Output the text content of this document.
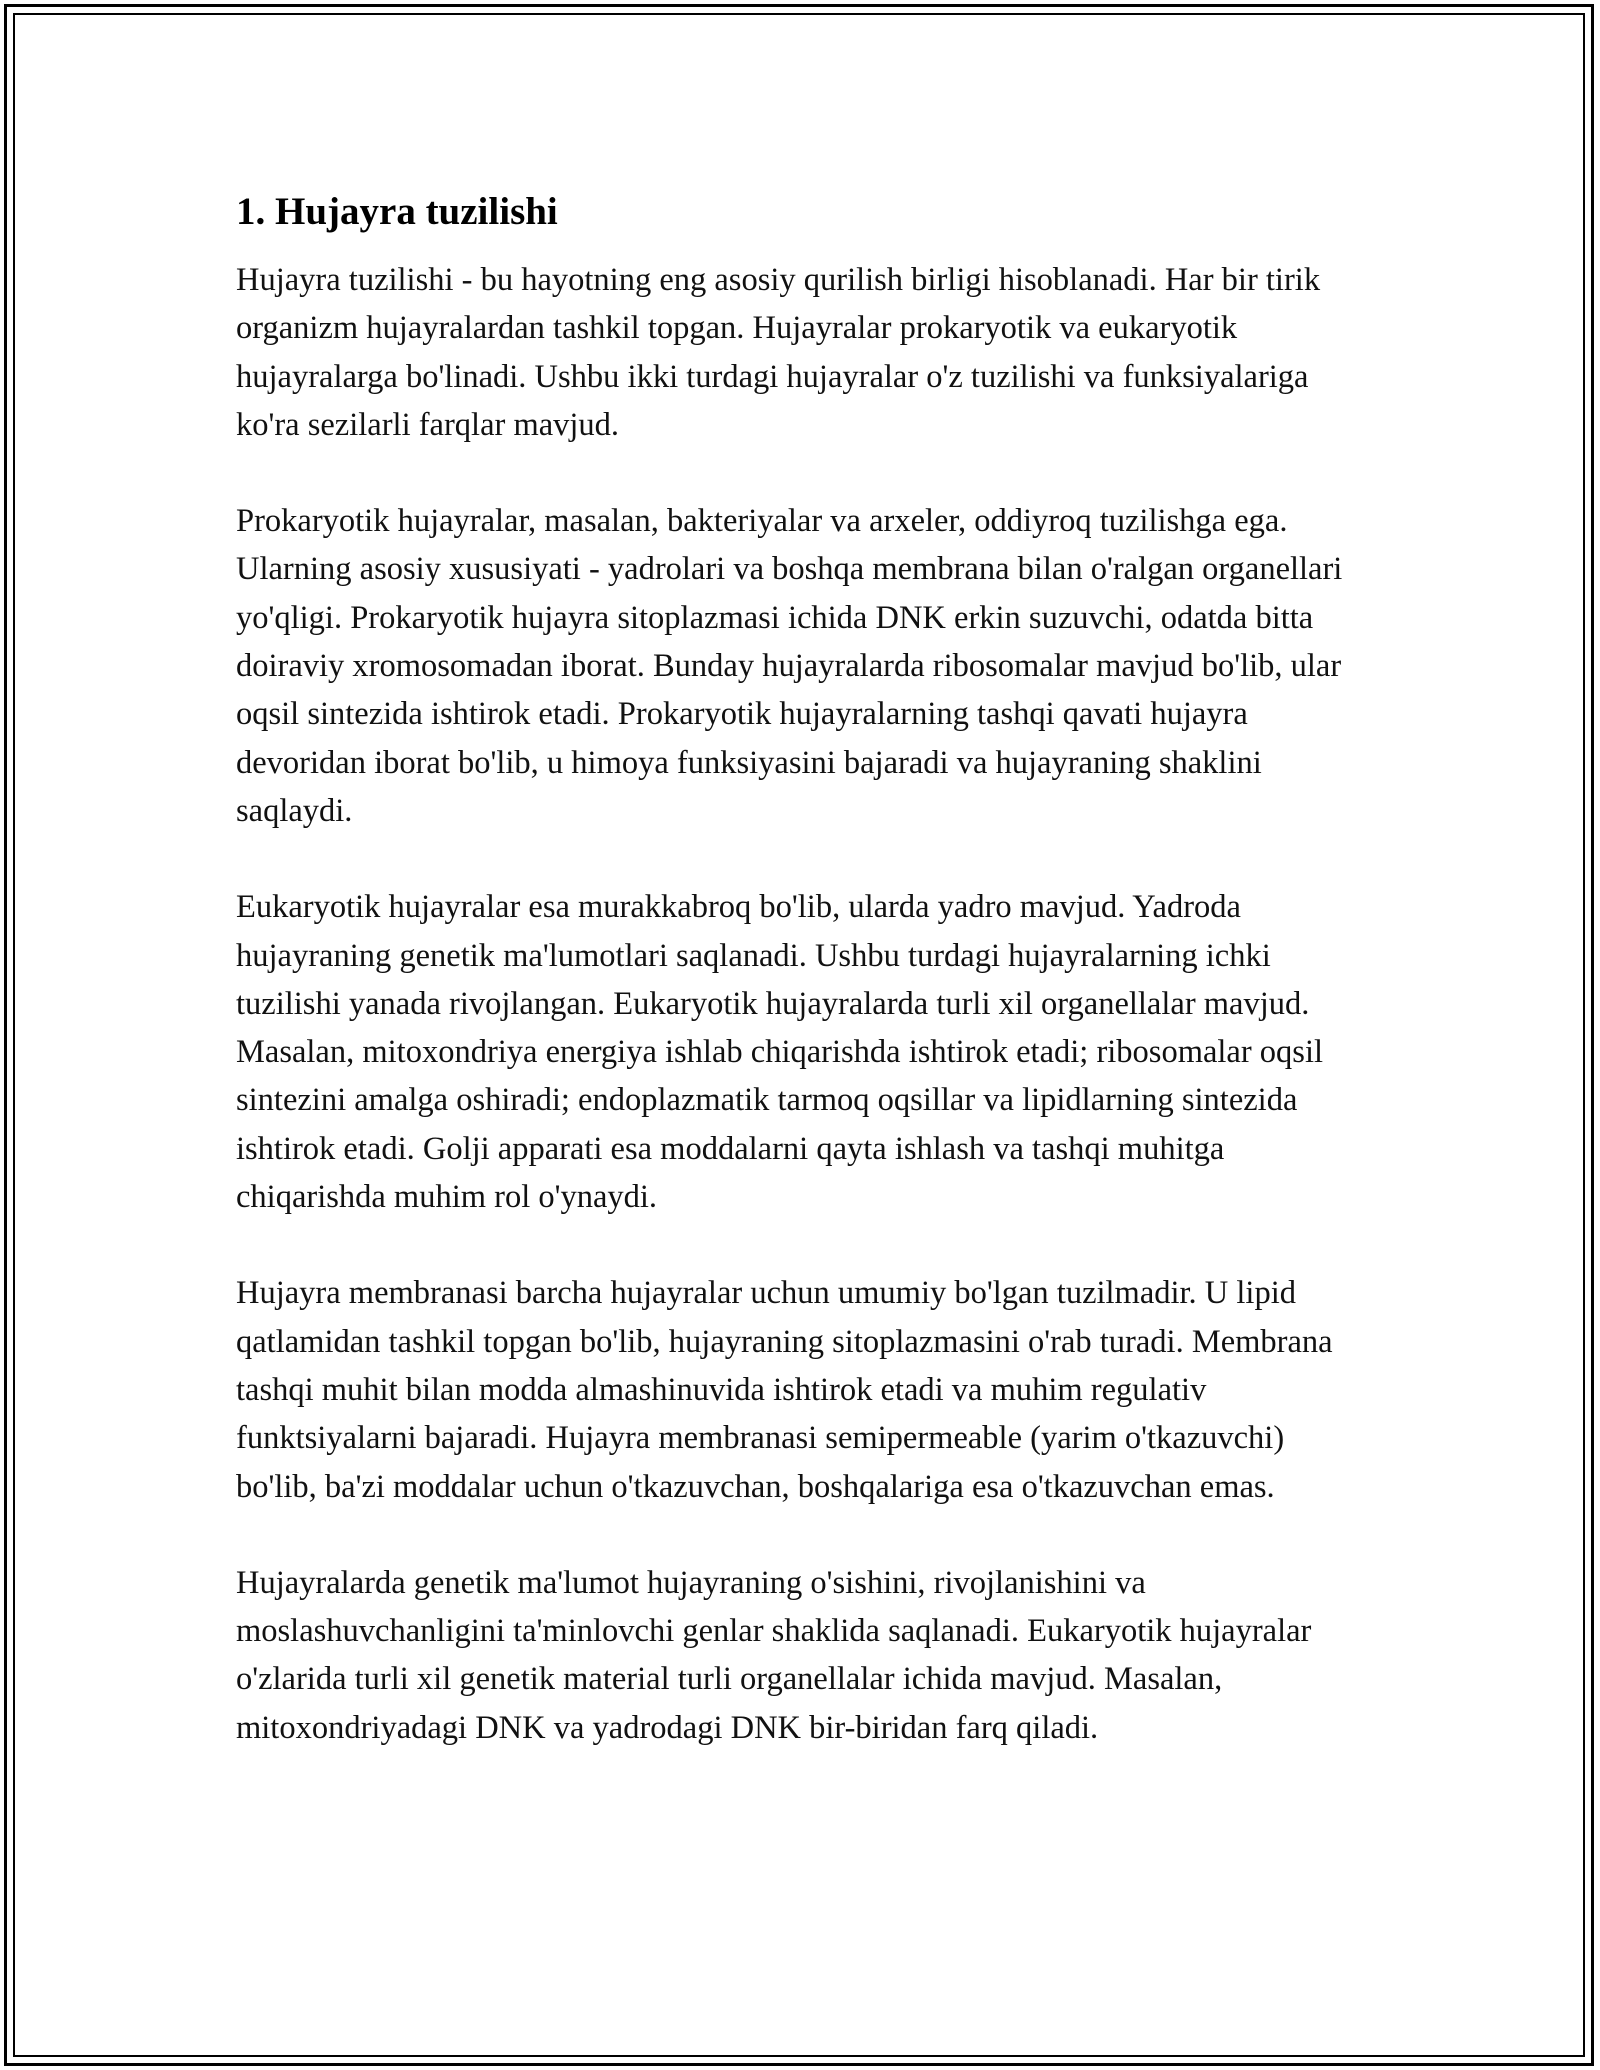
1. Hujayra tuzilishi

Hujayra tuzilishi - bu hayotning eng asosiy qurilish birligi hisoblanadi. Har bir tirik organizm hujayralardan tashkil topgan. Hujayralar prokaryotik va eukaryotik hujayralarga bo'linadi. Ushbu ikki turdagi hujayralar o'z tuzilishi va funksiyalariga ko'ra sezilarli farqlar mavjud.

Prokaryotik hujayralar, masalan, bakteriyalar va arxeler, oddiyroq tuzilishga ega. Ularning asosiy xususiyati - yadrolari va boshqa membrana bilan o'ralgan organellari yo'qligi. Prokaryotik hujayra sitoplazmasi ichida DNK erkin suzuvchi, odatda bitta doiraviy xromosomadan iborat. Bunday hujayralarda ribosomalar mavjud bo'lib, ular oqsil sintezida ishtirok etadi. Prokaryotik hujayralarning tashqi qavati hujayra devoridan iborat bo'lib, u himoya funksiyasini bajaradi va hujayraning shaklini saqlaydi.

Eukaryotik hujayralar esa murakkabroq bo'lib, ularda yadro mavjud. Yadroda hujayraning genetik ma'lumotlari saqlanadi. Ushbu turdagi hujayralarning ichki tuzilishi yanada rivojlangan. Eukaryotik hujayralarda turli xil organellalar mavjud. Masalan, mitoxondriya energiya ishlab chiqarishda ishtirok etadi; ribosomalar oqsil sintezini amalga oshiradi; endoplazmatik tarmoq oqsillar va lipidlarning sintezida ishtirok etadi. Golji apparati esa moddalarni qayta ishlash va tashqi muhitga chiqarishda muhim rol o'ynaydi.

Hujayra membranasi barcha hujayralar uchun umumiy bo'lgan tuzilmadir. U lipid qatlamidan tashkil topgan bo'lib, hujayraning sitoplazmasini o'rab turadi. Membrana tashqi muhit bilan modda almashinuvida ishtirok etadi va muhim regulativ funktsiyalarni bajaradi. Hujayra membranasi semipermeable (yarim o'tkazuvchi) bo'lib, ba'zi moddalar uchun o'tkazuvchan, boshqalariga esa o'tkazuvchan emas.

Hujayralarda genetik ma'lumot hujayraning o'sishini, rivojlanishini va moslashuvchanligini ta'minlovchi genlar shaklida saqlanadi. Eukaryotik hujayralar o'zlarida turli xil genetik material turli organellalar ichida mavjud. Masalan, mitoxondriyadagi DNK va yadrodagi DNK bir-biridan farq qiladi.
